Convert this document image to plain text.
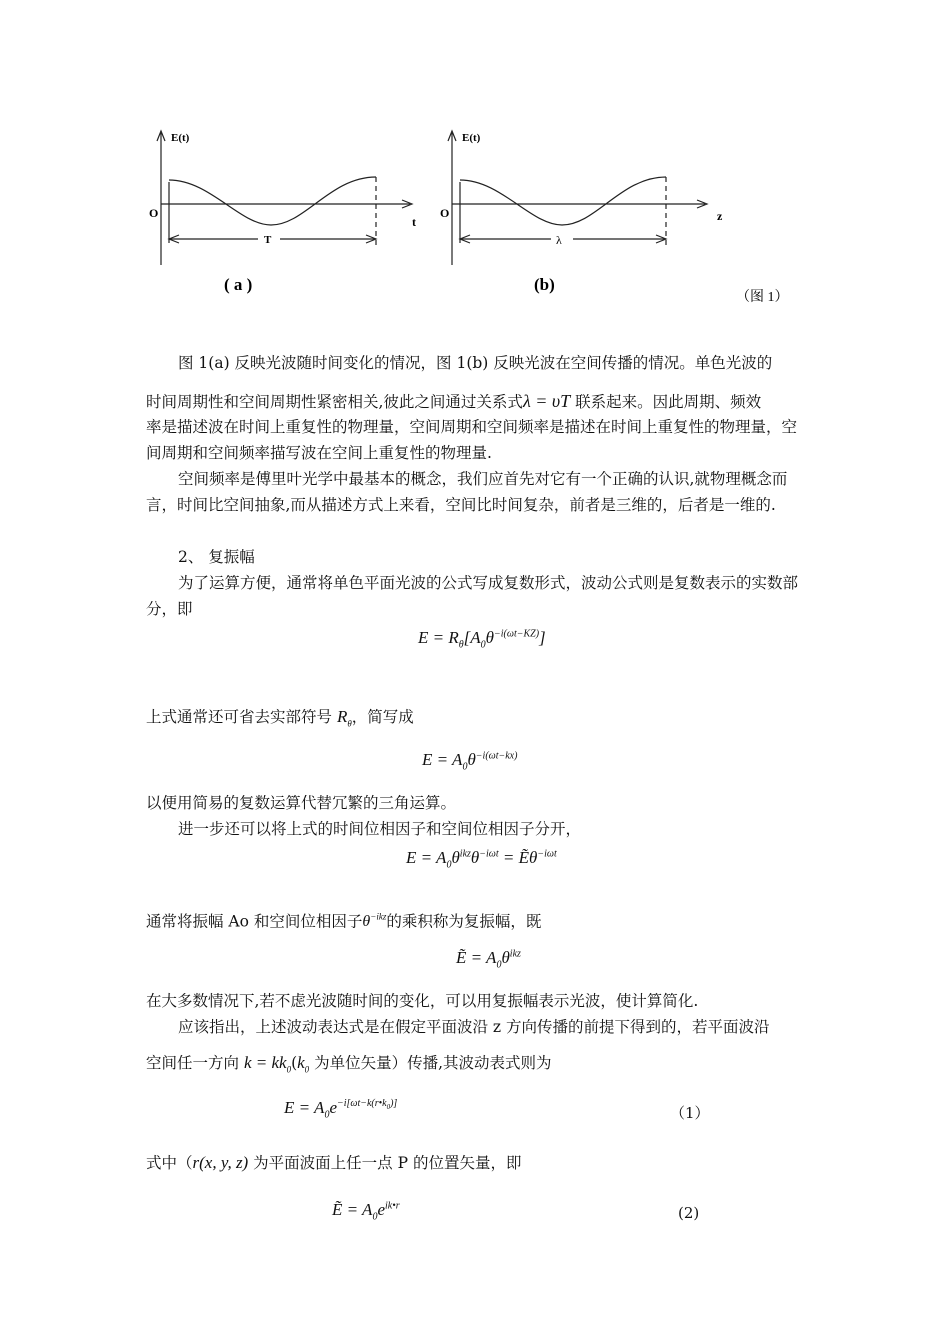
E(t)
O
t
T
( a )
E(t)
O	z
λ
(b)
（图 1）
图 1(a) 反映光波随时间变化的情况，图 1(b) 反映光波在空间传播的情况。单色光波的
时间周期性和空间周期性紧密相关,彼此之间通过关系式λ = υT 联系起来。因此周期、频效
率是描述波在时间上重复性的物理量，空间周期和空间频率是描述在时间上重复性的物理量，空间周期和空间频率描写波在空间上重复性的物理量.
空间频率是傅里叶光学中最基本的概念，我们应首先对它有一个正确的认识,就物理概念而言，时间比空间抽象,而从描述方式上来看，空间比时间复杂，前者是三维的，后者是一维的.
2、 复振幅
为了运算方便，通常将单色平面光波的公式写成复数形式，波动公式则是复数表示的实数部分，即
$E = R_\theta[A_0\theta^{-i(\omega t-KZ)}]$
上式通常还可省去实部符号 $R_\theta$，简写成
$E = A_0\theta^{-i(\omega t-kx)}$
以便用简易的复数运算代替冗繁的三角运算。
进一步还可以将上式的时间位相因子和空间位相因子分开，
$E = A_0\theta^{ikz}\theta^{-i\omega t}$ = Ẽθ$^{-i\omega t}$
通常将振幅 Ao 和空间位相因子$\theta^{-ikz}$的乘积称为复振幅，既
Ẽ = $A_0\theta^{ikz}$
在大多数情况下,若不虑光波随时间的变化，可以用复振幅表示光波，使计算简化.
应该指出，上述波动表达式是在假定平面波沿 z 方向传播的前提下得到的，若平面波沿
空间任一方向 $k = kk_0(k_0$ 为单位矢量）传播,其波动表式则为
$E = A_0e^{-i[\omega t-k(r•k_0)]}$
（1）
式中（r(x, y, z) 为平面波面上任一点 P 的位置矢量，即
Ẽ = $A_0e^{ik•r}$	(2)
